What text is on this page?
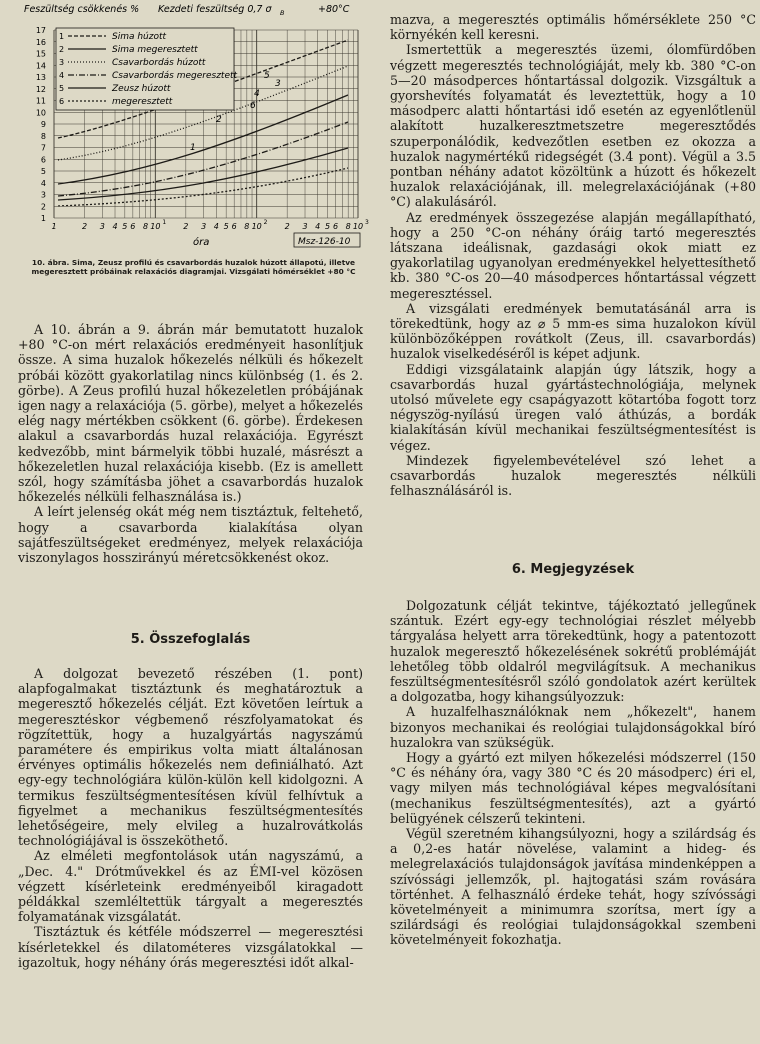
17
16
15
14
13
12
11
10
9
8
7
6
5
4
3
2
1
1	2 3 4 5 6 8 10	2 3 4 5 6 8 10	2 3 4 5 6 8 10
1	2	3
5
3
6
4
2
1
1	Sima húzott
2	Sima megeresztett
3	Csavarbordás húzott
4	Csavarbordás megeresztett
5	Zeusz húzott
6	megeresztett
Feszültség csökkenés % Kezdeti feszültség 0,7 σ B	+80°C
óra	Msz-126-10
10. ábra. Sima, Zeusz profilú és csavarbordás huzalok húzott állapotú, illetve megeresztett próbáinak relaxációs diagramjai. Vizsgálati hőmérséklet +80 °C

A 10. ábrán a 9. ábrán már bemutatott huzalok +80 °C-on mért relaxációs eredményeit hasonlítjuk össze. A sima huzalok hőkezelés nélküli és hőkezelt próbái között gyakorlatilag nincs különbség (1. és 2. görbe). A Zeus profilú huzal hőkezeletlen próbájának igen nagy a relaxációja (5. görbe), melyet a hőkezelés elég nagy mértékben csökkent (6. görbe). Érdekesen alakul a csavarbordás huzal relaxációja. Egyrészt kedvezőbb, mint bármelyik többi huzalé, másrészt a hőkezeletlen huzal relaxációja kisebb. (Ez is amellett szól, hogy számításba jöhet a csavarbordás huzalok hőkezelés nélküli felhasználása is.)

A leírt jelenség okát még nem tisztáztuk, feltehető, hogy a csavarborda kialakítása olyan sajátfeszültségeket eredményez, melyek relaxációja viszonylagos hosszirányú méretcsökkenést okoz.

5. Összefoglalás

A dolgozat bevezető részében (1. pont) alapfogalmakat tisztáztunk és meghatároztuk a megeresztő hőkezelés célját. Ezt követően leírtuk a megeresztéskor végbemenő részfolyamatokat és rögzítettük, hogy a huzalgyártás nagyszámú paramétere és empirikus volta miatt általánosan érvényes optimális hőkezelés nem definiálható. Azt egy-egy technológiára külön-külön kell kidolgozni. A termikus feszültségmentesítésen kívül felhívtuk a figyelmet a mechanikus feszültségmentesítés lehetőségeire, mely elvileg a huzalrovátkolás technológiájával is összeköthető.

Az elméleti megfontolások után nagyszámú, a „Dec. 4." Drótművekkel és az ÉMI-vel közösen végzett kísérleteink eredményeiből kiragadott példákkal szemléltettük tárgyalt a megeresztés folyamatának vizsgálatát.

Tisztáztuk és kétféle módszerrel — megeresztési kísérletekkel és dilatométeres vizsgálatokkal — igazoltuk, hogy néhány órás megeresztési időt alkal-

mazva, a megeresztés optimális hőmérséklete 250 °C környékén kell keresni.

Ismertettük a megeresztés üzemi, ólomfürdőben végzett megeresztés technológiáját, mely kb. 380 °C-on 5—20 másodperces hőntartással dolgozik. Vizsgáltuk a gyorshevítés folyamatát és leveztettük, hogy a 10 másodperc alatti hőntartási idő esetén az egyenlőtlenül alakított huzalkeresztmetszetre megeresztődés szuperponálódik, kedvezőtlen esetben ez okozza a huzalok nagymértékű ridegségét (3.4 pont). Végül a 3.5 pontban néhány adatot közöltünk a húzott és hőkezelt huzalok relaxációjának, ill. melegrelaxációjának (+80 °C) alakulásáról.

Az eredmények összegezése alapján megállapítható, hogy a 250 °C-on néhány óráig tartó megeresztés látszana ideálisnak, gazdasági okok miatt ez gyakorlatilag ugyanolyan eredményekkel helyettesíthető kb. 380 °C-os 20—40 másodperces hőntartással végzett megeresztéssel.

A vizsgálati eredmények bemutatásánál arra is törekedtünk, hogy az ⌀ 5 mm-es sima huzalokon kívül különbözőképpen rovátkolt (Zeus, ill. csavarbordás) huzalok viselkedéséről is képet adjunk.

Eddigi vizsgálataink alapján úgy látszik, hogy a csavarbordás huzal gyártástechnológiája, melynek utolsó művelete egy csapágyazott kötartóba fogott torz négyszög-nyílású üregen való áthúzás, a bordák kialakításán kívül mechanikai feszültségmentesítést is végez.

Mindezek figyelembevételével szó lehet a csavarbordás huzalok megeresztés nélküli felhasználásáról is.

6. Megjegyzések

Dolgozatunk célját tekintve, tájékoztató jellegűnek szántuk. Ezért egy-egy technológiai részlet mélyebb tárgyalása helyett arra törekedtünk, hogy a patentozott huzalok megeresztő hőkezelésének sokrétű problémáját lehetőleg több oldalról megvilágítsuk. A mechanikus feszültségmentesítésről szóló gondolatok azért kerültek a dolgozatba, hogy kihangsúlyozzuk:

A huzalfelhasználóknak nem „hőkezelt", hanem bizonyos mechanikai és reológiai tulajdonságokkal bíró huzalokra van szükségük.

Hogy a gyártó ezt milyen hőkezelési módszerrel (150 °C és néhány óra, vagy 380 °C és 20 másodperc) éri el, vagy milyen más technológiával képes megvalósítani (mechanikus feszültségmentesítés), azt a gyártó belügyének célszerű tekinteni.

Végül szeretném kihangsúlyozni, hogy a szilárdság és a 0,2-es határ növelése, valamint a hideg- és melegrelaxációs tulajdonságok javítása mindenképpen a szívóssági jellemzők, pl. hajtogatási szám rovására történhet. A felhasználó érdeke tehát, hogy szívóssági követelményeit a minimumra szorítsa, mert így a szilárdsági és reológiai tulajdonságokkal szembeni követelményeit fokozhatja.
